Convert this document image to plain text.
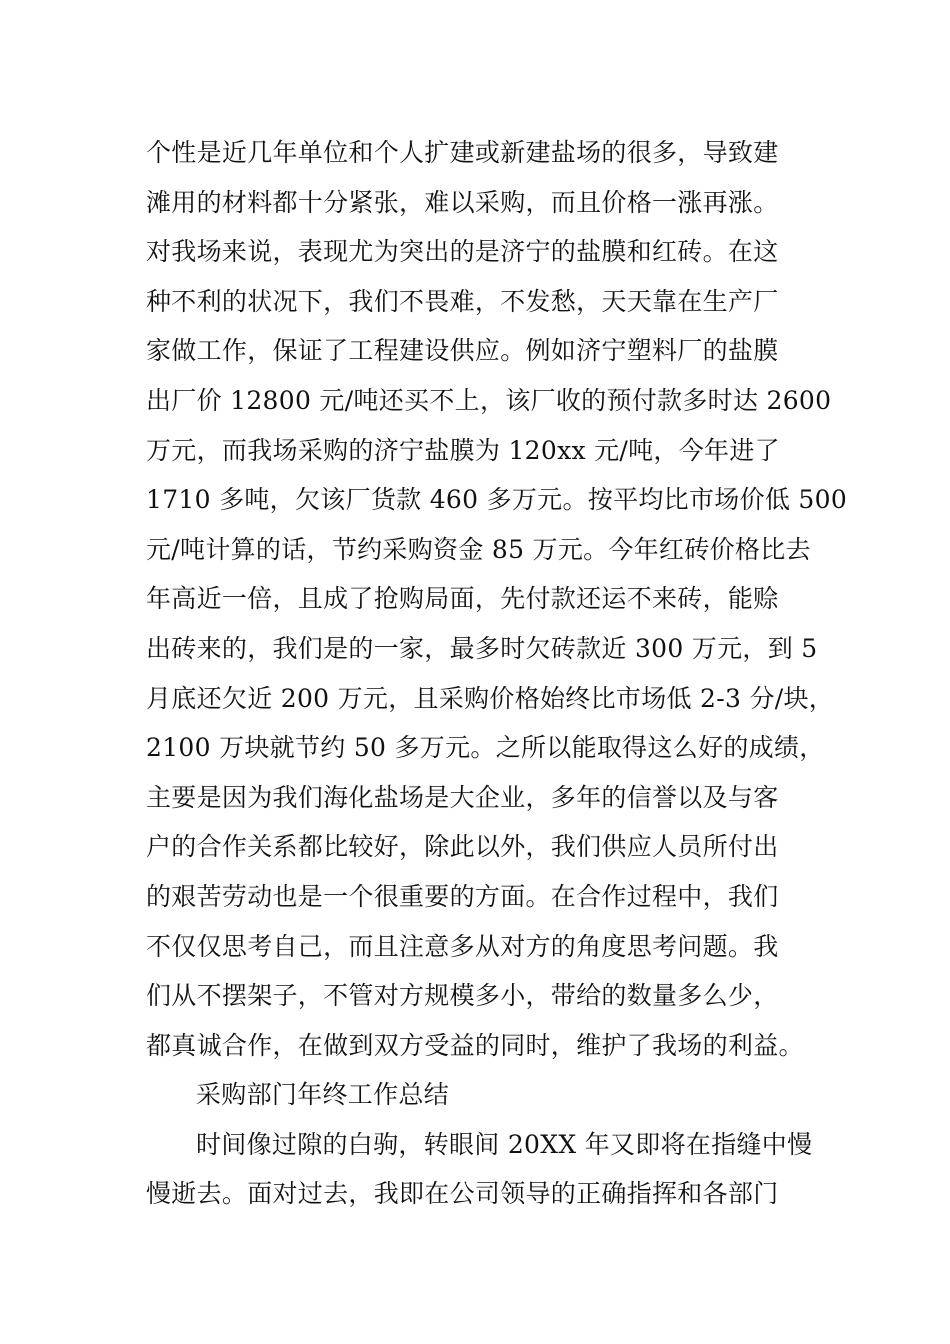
个性是近几年单位和个人扩建或新建盐场的很多，导致建
滩用的材料都十分紧张，难以采购，而且价格一涨再涨。
对我场来说，表现尤为突出的是济宁的盐膜和红砖。在这
种不利的状况下，我们不畏难，不发愁，天天靠在生产厂
家做工作，保证了工程建设供应。例如济宁塑料厂的盐膜
出厂价 12800 元/吨还买不上，该厂收的预付款多时达 2600
万元，而我场采购的济宁盐膜为 120xx 元/吨，今年进了
1710 多吨，欠该厂货款 460 多万元。按平均比市场价低 500
元/吨计算的话，节约采购资金 85 万元。今年红砖价格比去
年高近一倍，且成了抢购局面，先付款还运不来砖，能赊
出砖来的，我们是的一家，最多时欠砖款近 300 万元，到 5
月底还欠近 200 万元，且采购价格始终比市场低 2-3 分/块，
2100 万块就节约 50 多万元。之所以能取得这么好的成绩，
主要是因为我们海化盐场是大企业，多年的信誉以及与客
户的合作关系都比较好，除此以外，我们供应人员所付出
的艰苦劳动也是一个很重要的方面。在合作过程中，我们
不仅仅思考自己，而且注意多从对方的角度思考问题。我
们从不摆架子，不管对方规模多小，带给的数量多么少，
都真诚合作，在做到双方受益的同时，维护了我场的利益。
采购部门年终工作总结
时间像过隙的白驹，转眼间 20XX 年又即将在指缝中慢
慢逝去。面对过去，我即在公司领导的正确指挥和各部门
